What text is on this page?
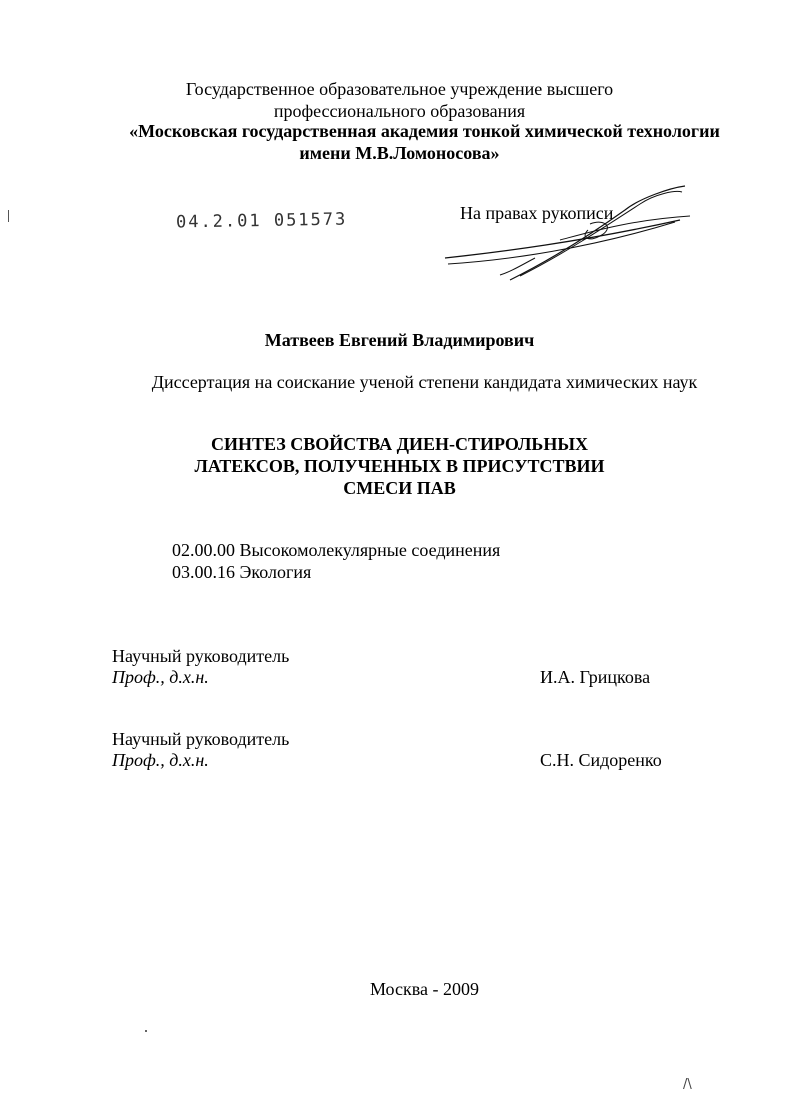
Государственное образовательное учреждение высшего
профессионального образования
«Московская государственная академия тонкой химической технологии
имени М.В.Ломоносова»
04.2.01 051573	На правах рукописи
Матвеев Евгений Владимирович
Диссертация на соискание ученой степени кандидата химических наук
СИНТЕЗ СВОЙСТВА ДИЕН-СТИРОЛЬНЫХ
ЛАТЕКСОВ, ПОЛУЧЕННЫХ В ПРИСУТСТВИИ
СМЕСИ ПАВ
02.00.00 Высокомолекулярные соединения
03.00.16 Экология
Научный руководитель
Проф., д.х.н.	И.А. Грицкова
Научный руководитель
Проф., д.х.н.	С.Н. Сидоренко
Москва - 2009
/\
